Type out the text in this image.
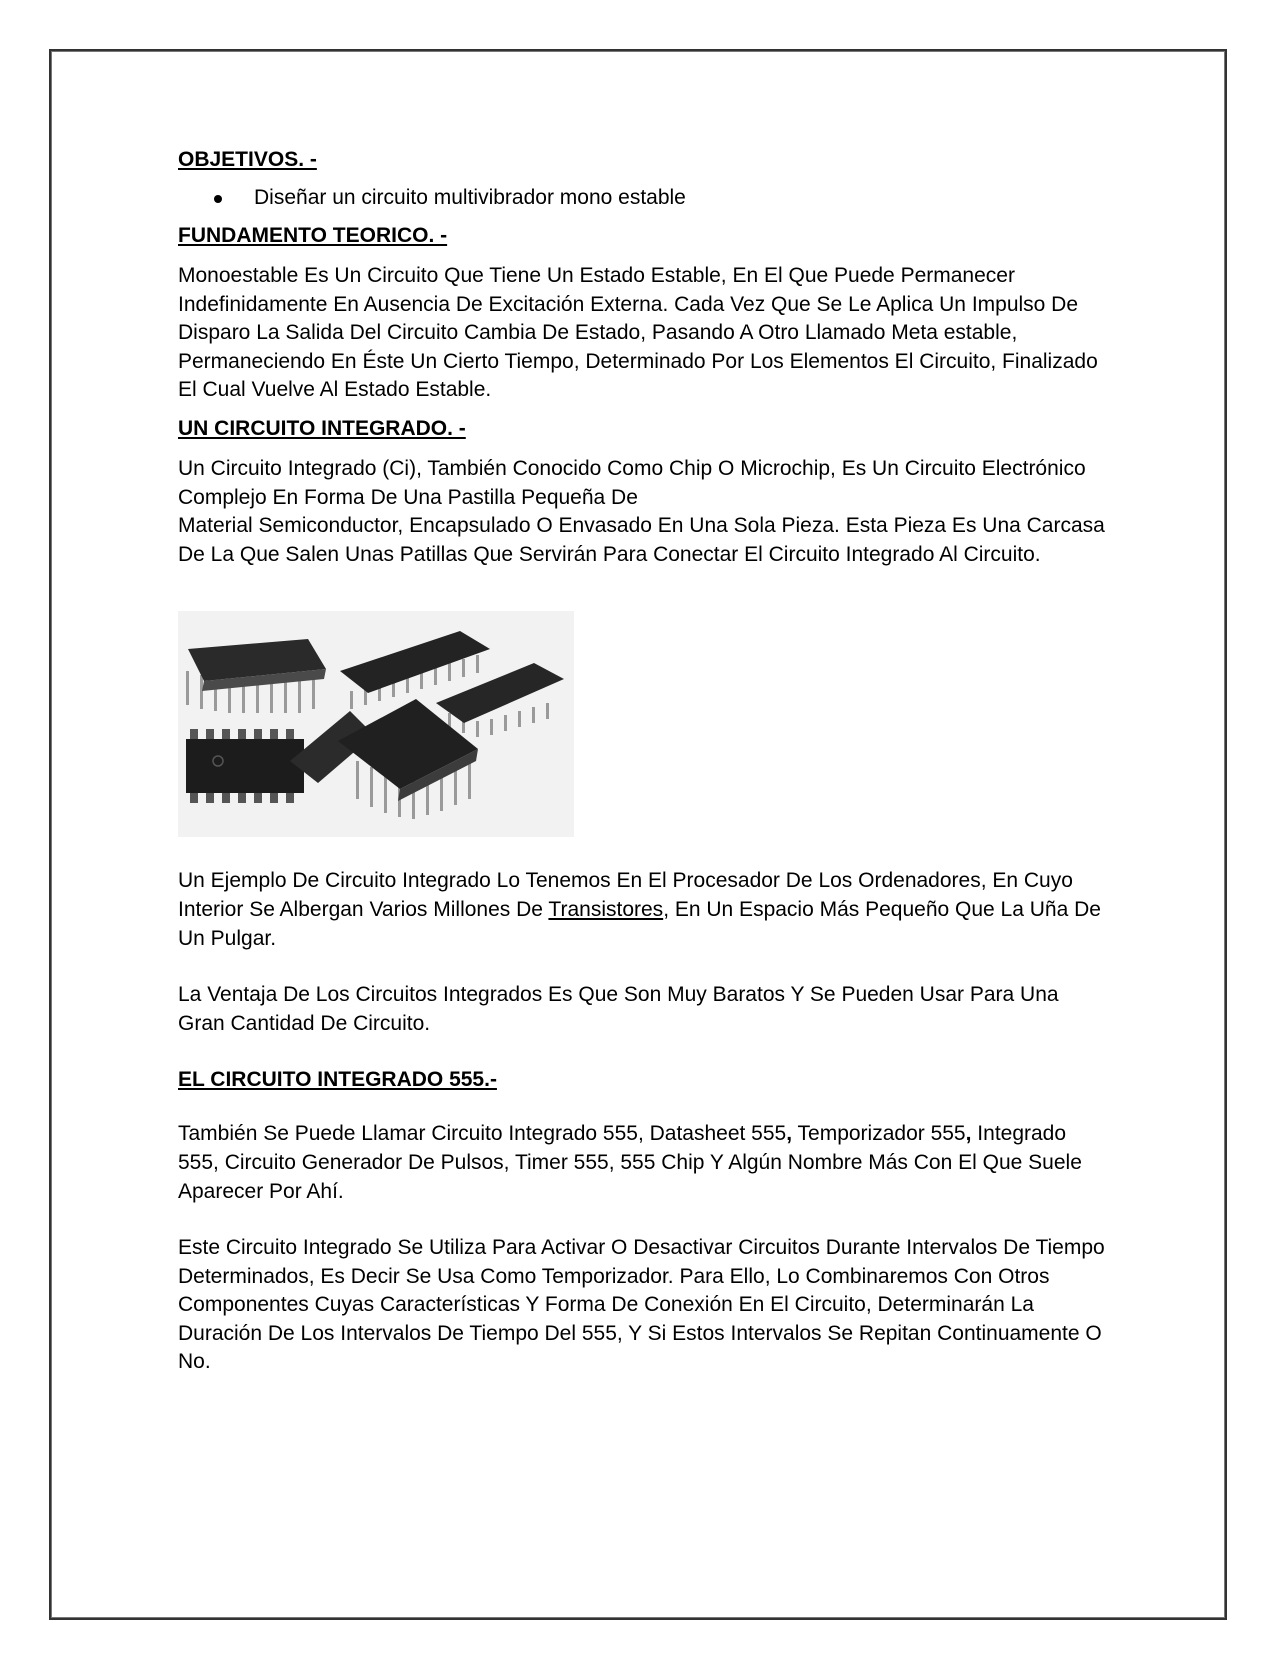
OBJETIVOS. -
Diseñar un circuito multivibrador mono estable
FUNDAMENTO TEORICO. -

Monoestable Es Un Circuito Que Tiene Un Estado Estable, En El Que Puede Permanecer Indefinidamente En Ausencia De Excitación Externa. Cada Vez Que Se Le Aplica Un Impulso De Disparo La Salida Del Circuito Cambia De Estado, Pasando A Otro Llamado Meta estable, Permaneciendo En Éste Un Cierto Tiempo, Determinado Por Los Elementos El Circuito, Finalizado El Cual Vuelve Al Estado Estable.

UN CIRCUITO INTEGRADO. -

Un Circuito Integrado (Ci), También Conocido Como Chip O Microchip, Es Un Circuito Electrónico Complejo En Forma De Una Pastilla Pequeña De
Material Semiconductor, Encapsulado O Envasado En Una Sola Pieza. Esta Pieza Es Una Carcasa De La Que Salen Unas Patillas Que Servirán Para Conectar El Circuito Integrado Al Circuito.

Un Ejemplo De Circuito Integrado Lo Tenemos En El Procesador De Los Ordenadores, En Cuyo Interior Se Albergan Varios Millones De Transistores, En Un Espacio Más Pequeño Que La Uña De Un Pulgar.

La Ventaja De Los Circuitos Integrados Es Que Son Muy Baratos Y Se Pueden Usar Para Una Gran Cantidad De Circuito.

EL CIRCUITO INTEGRADO 555.-

También Se Puede Llamar Circuito Integrado 555, Datasheet 555, Temporizador 555, Integrado 555, Circuito Generador De Pulsos, Timer 555, 555 Chip Y Algún Nombre Más Con El Que Suele Aparecer Por Ahí.

Este Circuito Integrado Se Utiliza Para Activar O Desactivar Circuitos Durante Intervalos De Tiempo Determinados, Es Decir Se Usa Como Temporizador. Para Ello, Lo Combinaremos Con Otros Componentes Cuyas Características Y Forma De Conexión En El Circuito, Determinarán La Duración De Los Intervalos De Tiempo Del 555, Y Si Estos Intervalos Se Repitan Continuamente O No.
